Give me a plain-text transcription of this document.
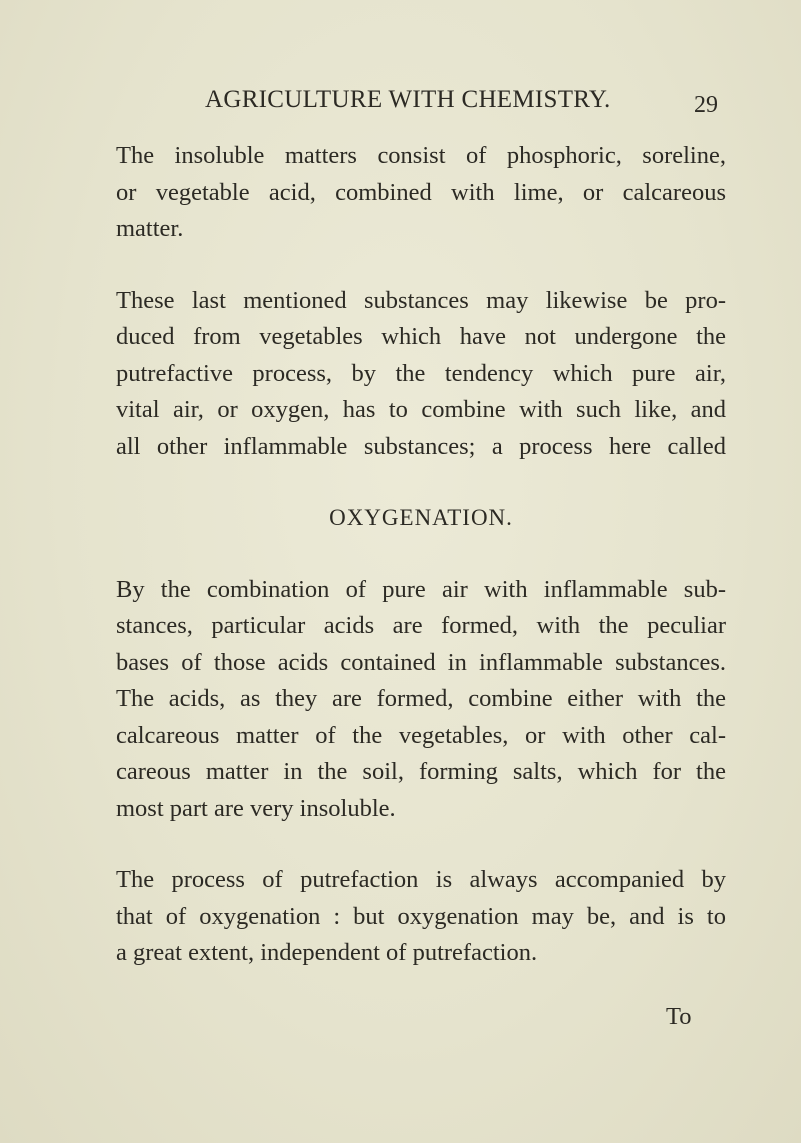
AGRICULTURE WITH CHEMISTRY.	29
The insoluble matters consist of phosphoric, soreline,
or vegetable acid, combined with lime, or calcareous
matter.
These last mentioned substances may likewise be pro-
duced from vegetables which have not undergone the
putrefactive process, by the tendency which pure air,
vital air, or oxygen, has to combine with such like, and
all other inflammable substances; a process here called
OXYGENATION.
By the combination of pure air with inflammable sub-
stances, particular acids are formed, with the peculiar
bases of those acids contained in inflammable substances.
The acids, as they are formed, combine either with the
calcareous matter of the vegetables, or with other cal-
careous matter in the soil, forming salts, which for the
most part are very insoluble.
The process of putrefaction is always accompanied by
that of oxygenation : but oxygenation may be, and is to
a great extent, independent of putrefaction.
To
